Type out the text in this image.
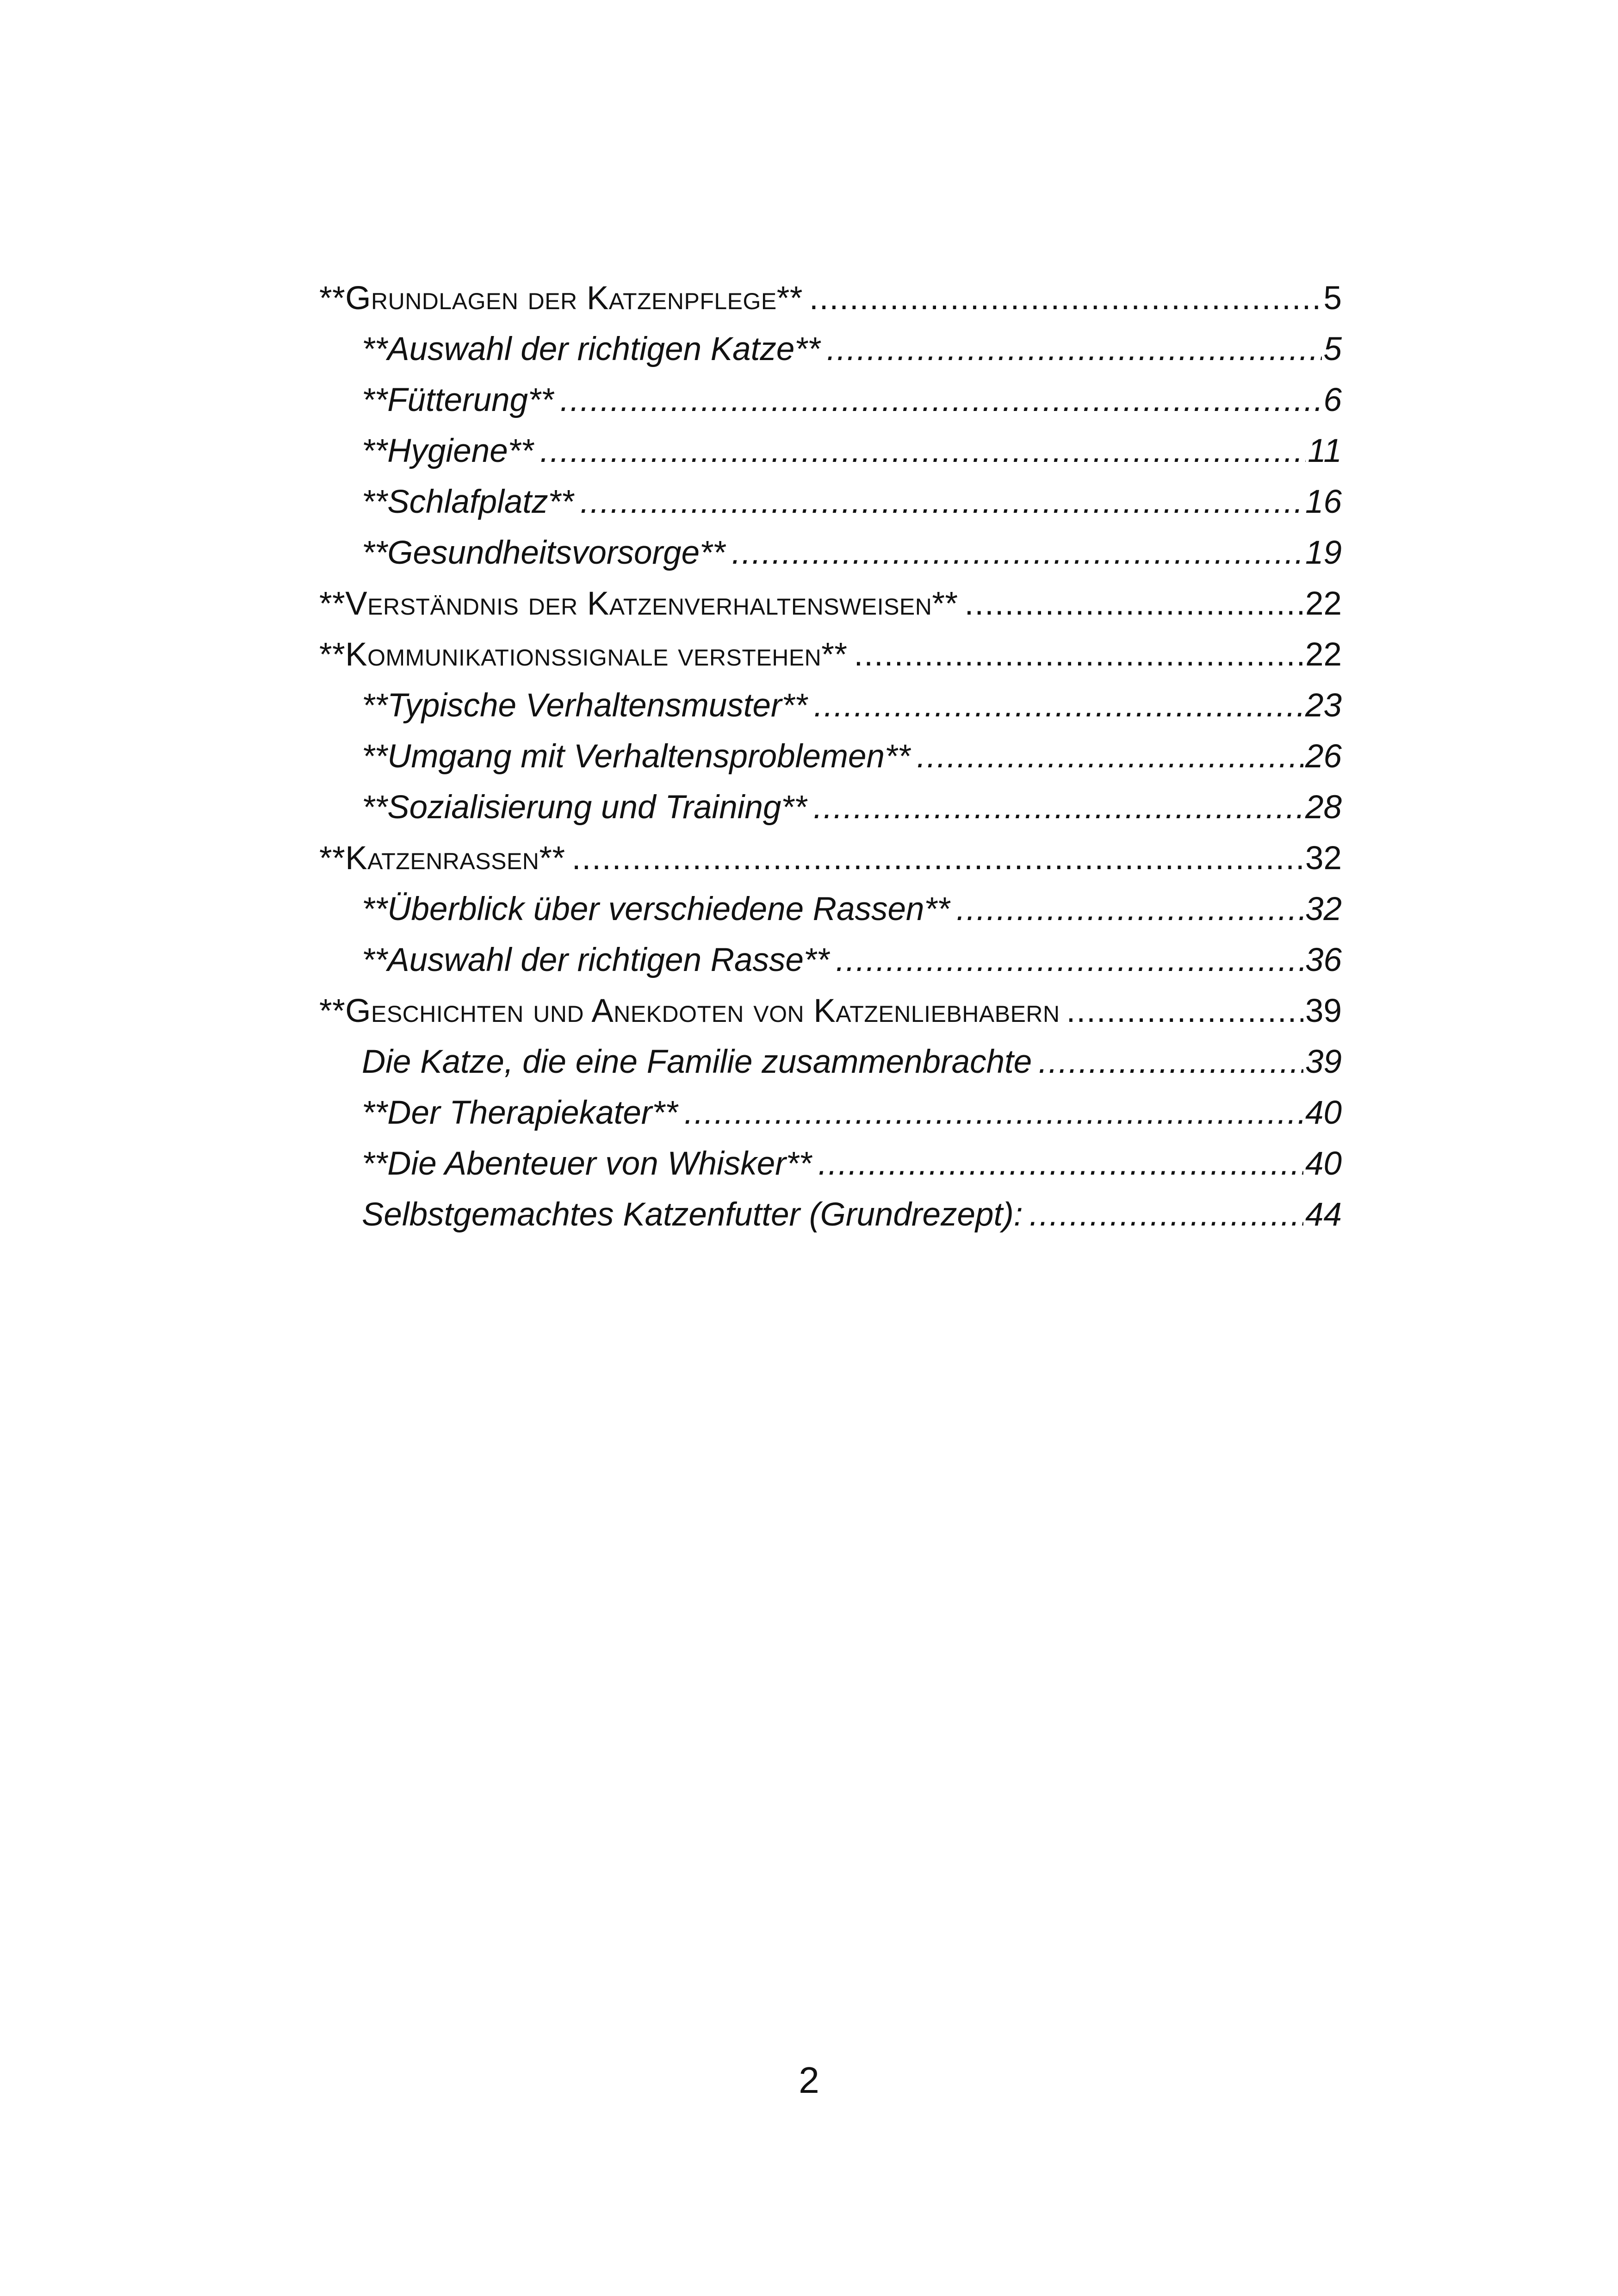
**Grundlagen der Katzenpflege** .....	5
**Auswahl der richtigen Katze** .....	5
**Fütterung** .....	6
**Hygiene** .....	11
**Schlafplatz** .....	16
**Gesundheitsvorsorge** .....	19
**Verständnis der Katzenverhaltensweisen** .....	22
**Kommunikationssignale verstehen** .....	22
**Typische Verhaltensmuster** .....	23
**Umgang mit Verhaltensproblemen** .....	26
**Sozialisierung und Training** .....	28
**Katzenrassen** .....	32
**Überblick über verschiedene Rassen** .....	32
**Auswahl der richtigen Rasse** .....	36
**Geschichten und Anekdoten von Katzenliebhabern .....	39
Die Katze, die eine Familie zusammenbrachte .....	39
**Der Therapiekater** .....	40
**Die Abenteuer von Whisker** .....	40
Selbstgemachtes Katzenfutter (Grundrezept): .....	44
2
